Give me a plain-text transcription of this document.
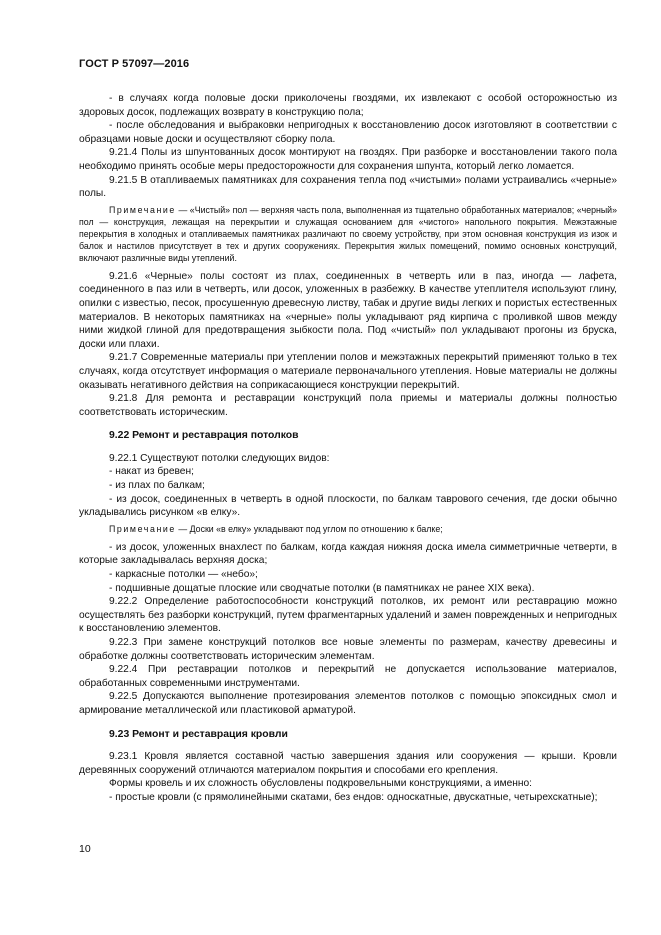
ГОСТ Р 57097—2016

- в случаях когда половые доски приколочены гвоздями, их извлекают с особой осторожностью из здоровых досок, подлежащих возврату в конструкцию пола;

- после обследования и выбраковки непригодных к восстановлению досок изготовляют в соответствии с образцами новые доски и осуществляют сборку пола.

9.21.4 Полы из шпунтованных досок монтируют на гвоздях. При разборке и восстановлении такого пола необходимо принять особые меры предосторожности для сохранения шпунта, который легко ломается.

9.21.5 В отапливаемых памятниках для сохранения тепла под «чистыми» полами устраивались «черные» полы.

Примечание — «Чистый» пол — верхняя часть пола, выполненная из тщательно обработанных материалов; «черный» пол — конструкция, лежащая на перекрытии и служащая основанием для «чистого» напольного покрытия. Межэтажные перекрытия в холодных и отапливаемых памятниках различают по своему устройству, при этом основная конструкция из изок и балок и настилов присутствует в тех и других сооружениях. Перекрытия жилых помещений, помимо основных конструкций, включают различные виды утеплений.

9.21.6 «Черные» полы состоят из плах, соединенных в четверть или в паз, иногда — лафета, соединенного в паз или в четверть, или досок, уложенных в разбежку. В качестве утеплителя используют глину, опилки с известью, песок, просушенную древесную листву, табак и другие виды легких и пористых естественных материалов. В некоторых памятниках на «черные» полы укладывают ряд кирпича с проливкой швов между ними жидкой глиной для предотвращения зыбкости пола. Под «чистый» пол укладывают прогоны из бруска, доски или плахи.

9.21.7 Современные материалы при утеплении полов и межэтажных перекрытий применяют только в тех случаях, когда отсутствует информация о материале первоначального утепления. Новые материалы не должны оказывать негативного действия на соприкасающиеся конструкции перекрытий.

9.21.8 Для ремонта и реставрации конструкций пола приемы и материалы должны полностью соответствовать историческим.

9.22 Ремонт и реставрация потолков

9.22.1 Существуют потолки следующих видов:

- накат из бревен;

- из плах по балкам;

- из досок, соединенных в четверть в одной плоскости, по балкам таврового сечения, где доски обычно укладывались рисунком «в елку».

Примечание — Доски «в елку» укладывают под углом по отношению к балке;

- из досок, уложенных внахлест по балкам, когда каждая нижняя доска имела симметричные четверти, в которые закладывалась верхняя доска;

- каркасные потолки — «небо»;

- подшивные дощатые плоские или сводчатые потолки (в памятниках не ранее XIX века).

9.22.2 Определение работоспособности конструкций потолков, их ремонт или реставрацию можно осуществлять без разборки конструкций, путем фрагментарных удалений и замен поврежденных и непригодных к восстановлению элементов.

9.22.3 При замене конструкций потолков все новые элементы по размерам, качеству древесины и обработке должны соответствовать историческим элементам.

9.22.4 При реставрации потолков и перекрытий не допускается использование материалов, обработанных современными инструментами.

9.22.5 Допускаются выполнение протезирования элементов потолков с помощью эпоксидных смол и армирование металлической или пластиковой арматурой.

9.23 Ремонт и реставрация кровли

9.23.1 Кровля является составной частью завершения здания или сооружения — крыши. Кровли деревянных сооружений отличаются материалом покрытия и способами его крепления.

Формы кровель и их сложность обусловлены подкровельными конструкциями, а именно:

- простые кровли (с прямолинейными скатами, без ендов: односкатные, двускатные, четырехскатные);

10
